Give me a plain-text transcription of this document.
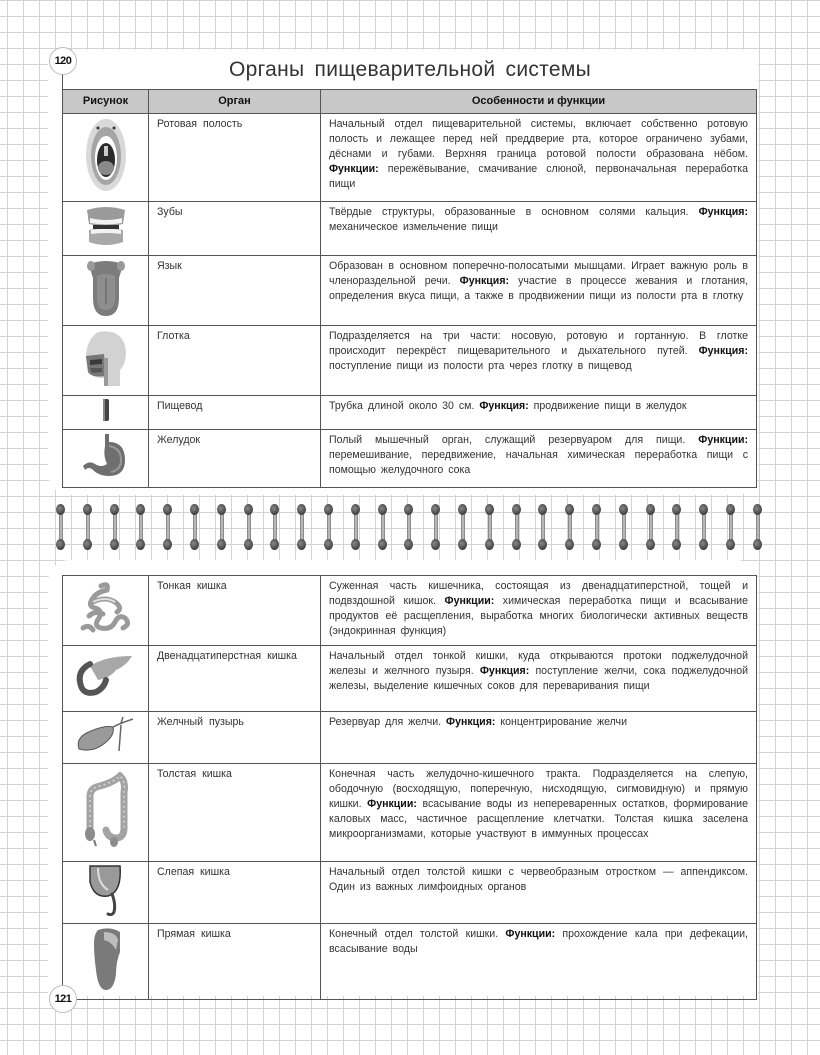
120	Органы пищеварительной системы
Рисунок	Орган	Особенности и функции
	Ротовая полость	Начальный отдел пищеварительной системы, включает собственно ротовую полость и лежащее перед ней преддверие рта, которое ограничено зубами, дёснами и губами. Верхняя граница ротовой полости образована нёбом. Функции: пережёвывание, смачивание слюной, первоначальная переработка пищи
	Зубы	Твёрдые структуры, образованные в основном солями кальция. Функция: механическое измельчение пищи
	Язык	Образован в основном поперечно-полосатыми мышцами. Играет важную роль в членораздельной речи. Функция: участие в процессе жевания и глотания, определения вкуса пищи, а также в продвижении пищи из полости рта в глотку
	Глотка	Подразделяется на три части: носовую, ротовую и гортанную. В глотке происходит перекрёст пищеварительного и дыхательного путей. Функция: поступление пищи из полости рта через глотку в пищевод
	Пищевод	Трубка длиной около 30 см. Функция: продвижение пищи в желудок
	Желудок	Полый мышечный орган, служащий резервуаром для пищи. Функции: перемешивание, передвижение, начальная химическая переработка пищи с помощью желудочного сока
	Тонкая кишка	Суженная часть кишечника, состоящая из двенадцатиперстной, тощей и подвздошной кишок. Функции: химическая переработка пищи и всасывание продуктов её расщепления, выработка многих биологически активных веществ (эндокринная функция)
	Двенадцатиперстная кишка	Начальный отдел тонкой кишки, куда открываются протоки поджелудочной железы и желчного пузыря. Функция: поступление желчи, сока поджелудочной железы, выделение кишечных соков для переваривания пищи
	Желчный пузырь	Резервуар для желчи. Функция: концентрирование желчи
	Толстая кишка	Конечная часть желудочно-кишечного тракта. Подразделяется на слепую, ободочную (восходящую, поперечную, нисходящую, сигмовидную) и прямую кишки. Функции: всасывание воды из непереваренных остатков, формирование каловых масс, частичное расщепление клетчатки. Толстая кишка заселена микроорганизмами, которые участвуют в иммунных процессах
	Слепая кишка	Начальный отдел толстой кишки с червеобразным отростком — аппендиксом. Один из важных лимфоидных органов
	Прямая кишка	Конечный отдел толстой кишки. Функции: прохождение кала при дефекации, всасывание воды
121
